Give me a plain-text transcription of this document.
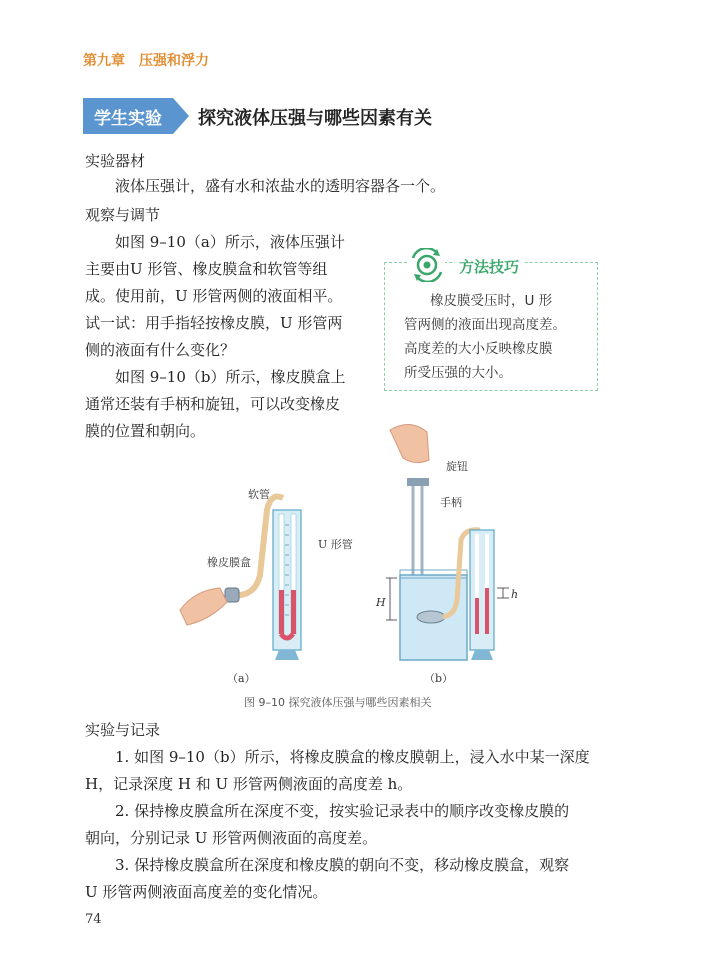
第九章　压强和浮力
学生实验	探究液体压强与哪些因素有关
实验器材
液体压强计，盛有水和浓盐水的透明容器各一个。
观察与调节
如图 9–10（a）所示，液体压强计
主要由U 形管、橡皮膜盒和软管等组
成。使用前，U 形管两侧的液面相平。
试一试：用手指轻按橡皮膜，U 形管两
侧的液面有什么变化？
如图 9–10（b）所示，橡皮膜盒上
通常还装有手柄和旋钮，可以改变橡皮
膜的位置和朝向。
方法技巧
橡皮膜受压时，U 形
管两侧的液面出现高度差。
高度差的大小反映橡皮膜
所受压强的大小。
软管
U 形管
橡皮膜盒
（a）
旋钮
手柄
H
h
（b）
图 9–10 探究液体压强与哪些因素相关
实验与记录
1. 如图 9–10（b）所示，将橡皮膜盒的橡皮膜朝上，浸入水中某一深度
H，记录深度 H 和 U 形管两侧液面的高度差 h。
2. 保持橡皮膜盒所在深度不变，按实验记录表中的顺序改变橡皮膜的
朝向，分别记录 U 形管两侧液面的高度差。
3. 保持橡皮膜盒所在深度和橡皮膜的朝向不变，移动橡皮膜盒，观察
U 形管两侧液面高度差的变化情况。
74
